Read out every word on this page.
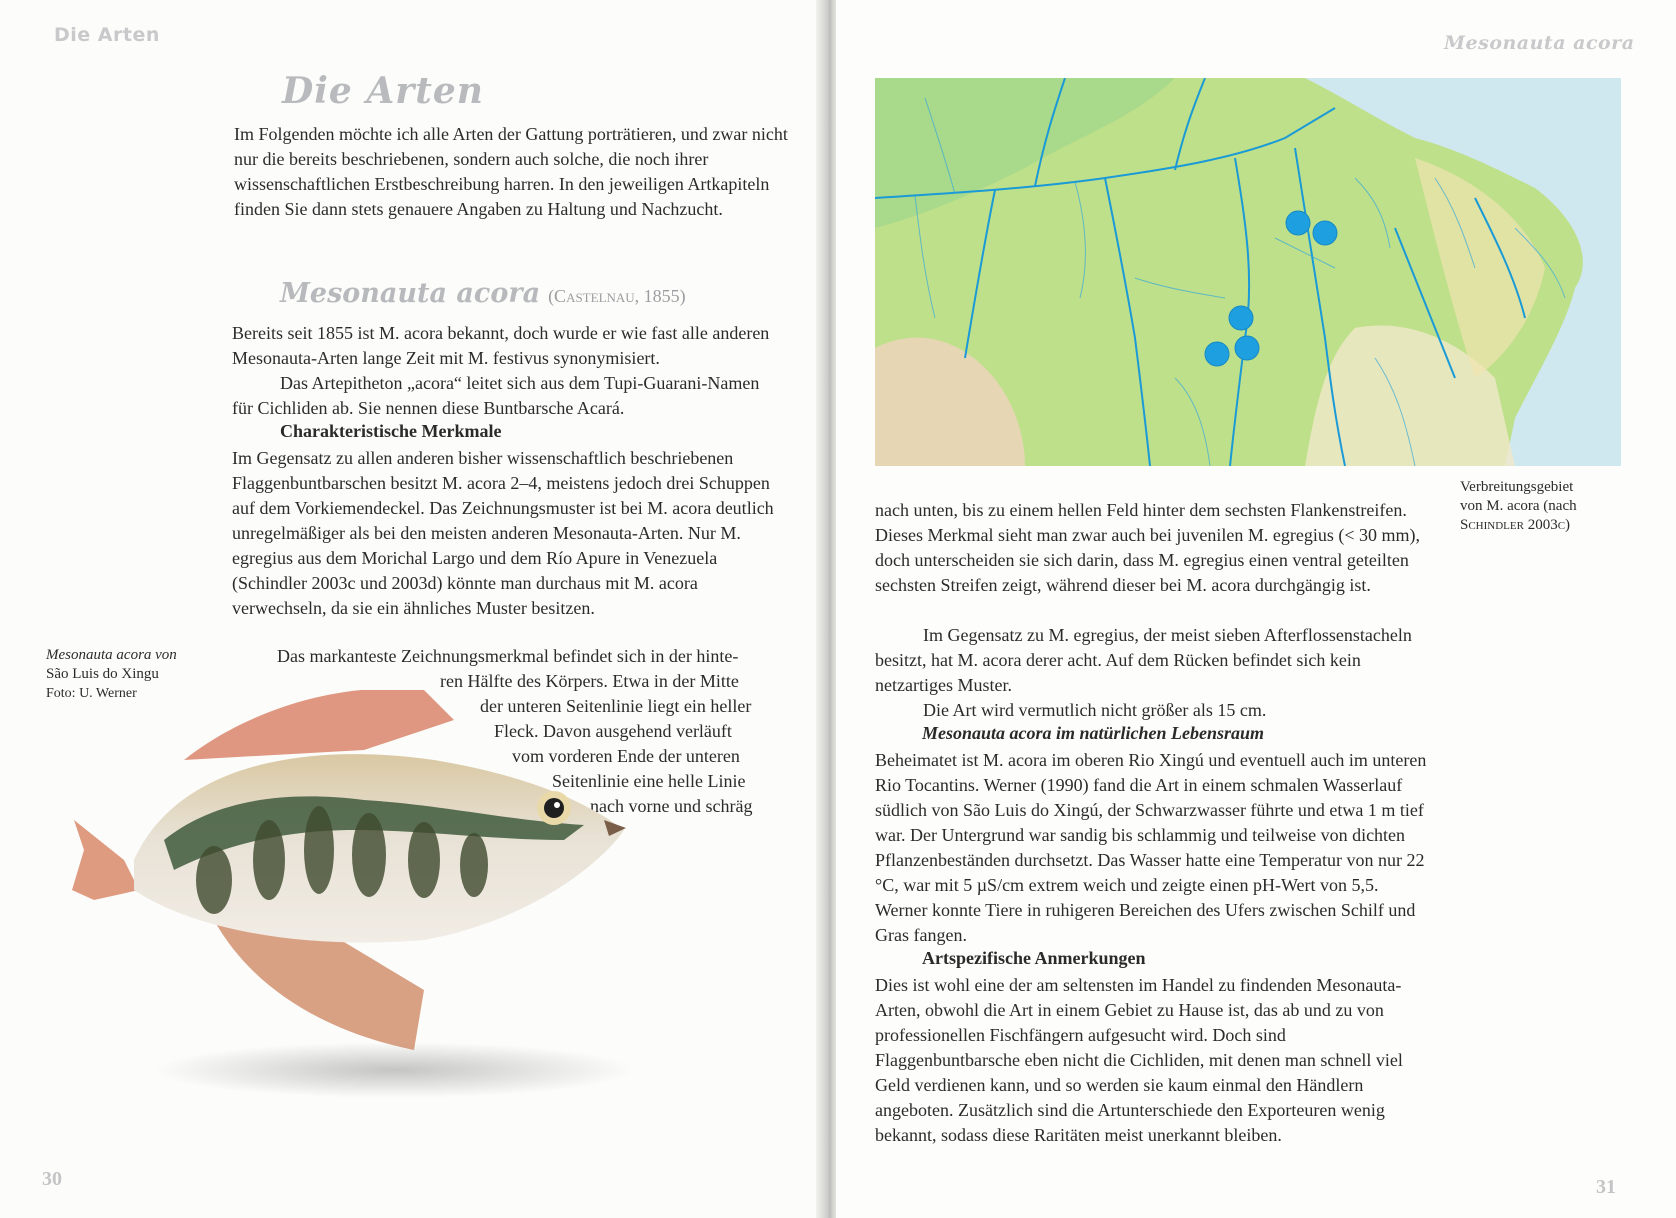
Die Arten
Die Arten

Im Folgenden möchte ich alle Arten der Gattung porträtieren, und zwar nicht nur die bereits beschriebenen, sondern auch solche, die noch ihrer wissenschaftlichen Erstbeschreibung harren. In den jeweiligen Artkapiteln finden Sie dann stets genauere Angaben zu Haltung und Nachzucht.

Mesonauta acora (Castelnau, 1855)

Bereits seit 1855 ist M. acora bekannt, doch wurde er wie fast alle anderen Mesonauta-Arten lange Zeit mit M. festivus synonymisiert.

Das Artepitheton „acora“ leitet sich aus dem Tupi-Guarani-Namen für Cichliden ab. Sie nennen diese Buntbarsche Acará.

Charakteristische Merkmale

Im Gegensatz zu allen anderen bisher wissenschaftlich beschriebenen Flaggenbuntbarschen besitzt M. acora 2–4, meistens jedoch drei Schuppen auf dem Vorkiemendeckel. Das Zeichnungsmuster ist bei M. acora deutlich unregelmäßiger als bei den meisten anderen Mesonauta-Arten. Nur M. egregius aus dem Morichal Largo und dem Río Apure in Venezuela (Schindler 2003c und 2003d) könnte man durchaus mit M. acora verwechseln, da sie ein ähnliches Muster besitzen.

Das markanteste Zeichnungsmerkmal befindet sich in der hinte-
ren Hälfte des Körpers. Etwa in der Mitte
der unteren Seitenlinie liegt ein heller
Fleck. Davon ausgehend verläuft
vom vorderen Ende der unteren
Seitenlinie eine helle Linie
nach vorne und schräg
Mesonauta acora von
São Luis do Xingu
Foto: U. Werner
30
Mesonauta acora
Verbreitungsgebiet
von M. acora (nach
Schindler 2003c)

nach unten, bis zu einem hellen Feld hinter dem sechsten Flankenstreifen. Dieses Merkmal sieht man zwar auch bei juvenilen M. egregius (< 30 mm), doch unterscheiden sie sich darin, dass M. egregius einen ventral geteilten sechsten Streifen zeigt, während dieser bei M. acora durchgängig ist.

Im Gegensatz zu M. egregius, der meist sieben Afterflossenstacheln besitzt, hat M. acora derer acht. Auf dem Rücken befindet sich kein netzartiges Muster.

Die Art wird vermutlich nicht größer als 15 cm.

Mesonauta acora im natürlichen Lebensraum

Beheimatet ist M. acora im oberen Rio Xingú und eventuell auch im unteren Rio Tocantins. Werner (1990) fand die Art in einem schmalen Wasserlauf südlich von São Luis do Xingú, der Schwarzwasser führte und etwa 1 m tief war. Der Untergrund war sandig bis schlammig und teilweise von dichten Pflanzenbeständen durchsetzt. Das Wasser hatte eine Temperatur von nur 22 °C, war mit 5 µS/cm extrem weich und zeigte einen pH-Wert von 5,5. Werner konnte Tiere in ruhigeren Bereichen des Ufers zwischen Schilf und Gras fangen.

Artspezifische Anmerkungen

Dies ist wohl eine der am seltensten im Handel zu findenden Mesonauta-Arten, obwohl die Art in einem Gebiet zu Hause ist, das ab und zu von professionellen Fischfängern aufgesucht wird. Doch sind Flaggenbuntbarsche eben nicht die Cichliden, mit denen man schnell viel Geld verdienen kann, und so werden sie kaum einmal den Händlern angeboten. Zusätzlich sind die Artunterschiede den Exporteuren wenig bekannt, sodass diese Raritäten meist unerkannt bleiben.

31
